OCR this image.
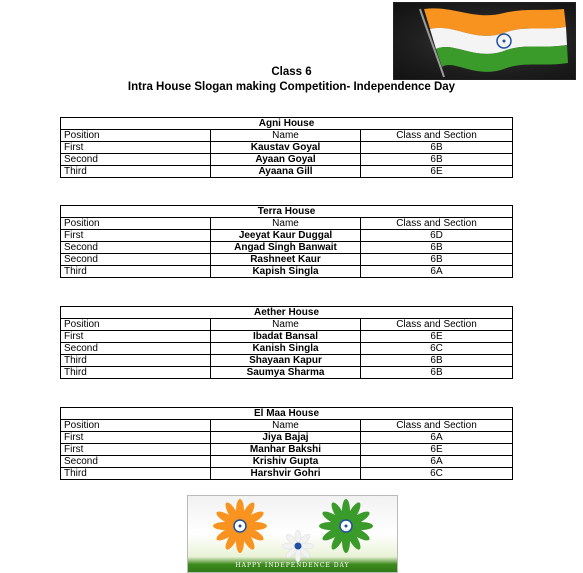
Class 6
Intra House Slogan making Competition- Independence Day
Agni House		
Position	Name	Class and Section
First	Kaustav Goyal	6B
Second	Ayaan Goyal	6B
Third	Ayaana Gill	6E
Terra House		
Position	Name	Class and Section
First	Jeeyat Kaur Duggal	6D
Second	Angad Singh Banwait	6B
Second	Rashneet Kaur	6B
Third	Kapish Singla	6A
Aether House		
Position	Name	Class and Section
First	Ibadat Bansal	6E
Second	Kanish Singla	6C
Third	Shayaan Kapur	6B
Third	Saumya Sharma	6B
El Maa House		
Position	Name	Class and Section
First	Jiya Bajaj	6A
First	Manhar Bakshi	6E
Second	Krishiv Gupta	6A
Third	Harshvir Gohri	6C
HAPPY INDEPENDENCE DAY
